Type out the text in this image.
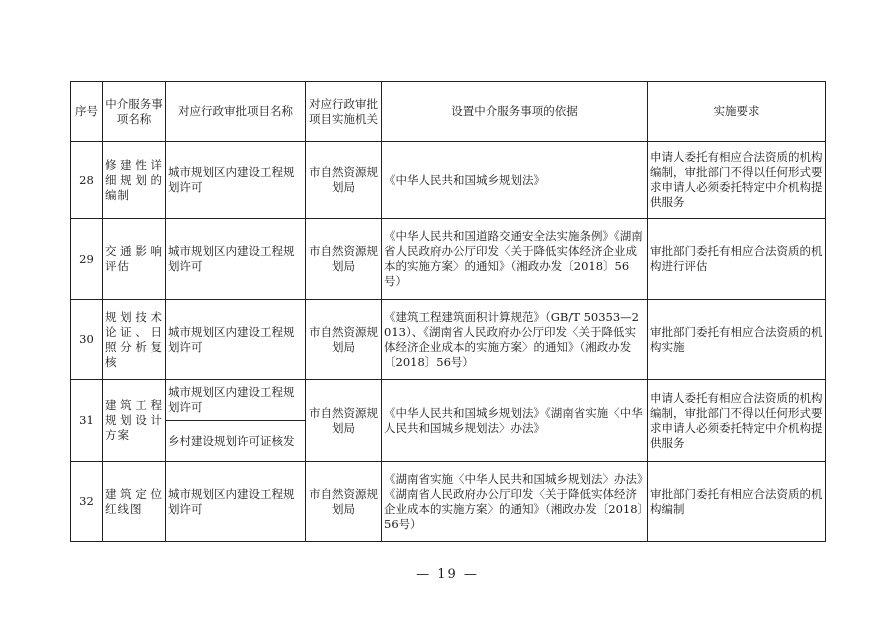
序号	中介服务事项名称	对应行政审批项目名称	对应行政审批项目实施机关	设置中介服务事项的依据	实施要求
28	修建性详细规划的编制	城市规划区内建设工程规划许可	市自然资源规划局	《中华人民共和国城乡规划法》	申请人委托有相应合法资质的机构编制，审批部门不得以任何形式要求申请人必须委托特定中介机构提供服务
29	交通影响评估	城市规划区内建设工程规划许可	市自然资源规划局	《中华人民共和国道路交通安全法实施条例》《湖南省人民政府办公厅印发〈关于降低实体经济企业成本的实施方案〉的通知》（湘政办发〔2018〕56号）	审批部门委托有相应合法资质的机构进行评估
30	规划技术论证、日照分析复核	城市规划区内建设工程规划许可	市自然资源规划局	《建筑工程建筑面积计算规范》（GB/T 50353—2013）、《湖南省人民政府办公厅印发〈关于降低实体经济企业成本的实施方案〉的通知》（湘政办发〔2018〕56号）	审批部门委托有相应合法资质的机构实施
31	建筑工程规划设计方案	城市规划区内建设工程规划许可	市自然资源规划局	《中华人民共和国城乡规划法》《湖南省实施〈中华人民共和国城乡规划法〉办法》	申请人委托有相应合法资质的机构编制，审批部门不得以任何形式要求申请人必须委托特定中介机构提供服务
		乡村建设规划许可证核发			
32	建筑定位红线图	城市规划区内建设工程规划许可	市自然资源规划局	《湖南省实施〈中华人民共和国城乡规划法〉办法》《湖南省人民政府办公厅印发〈关于降低实体经济企业成本的实施方案〉的通知》（湘政办发〔2018〕56号）	审批部门委托有相应合法资质的机构编制
— 19 —
